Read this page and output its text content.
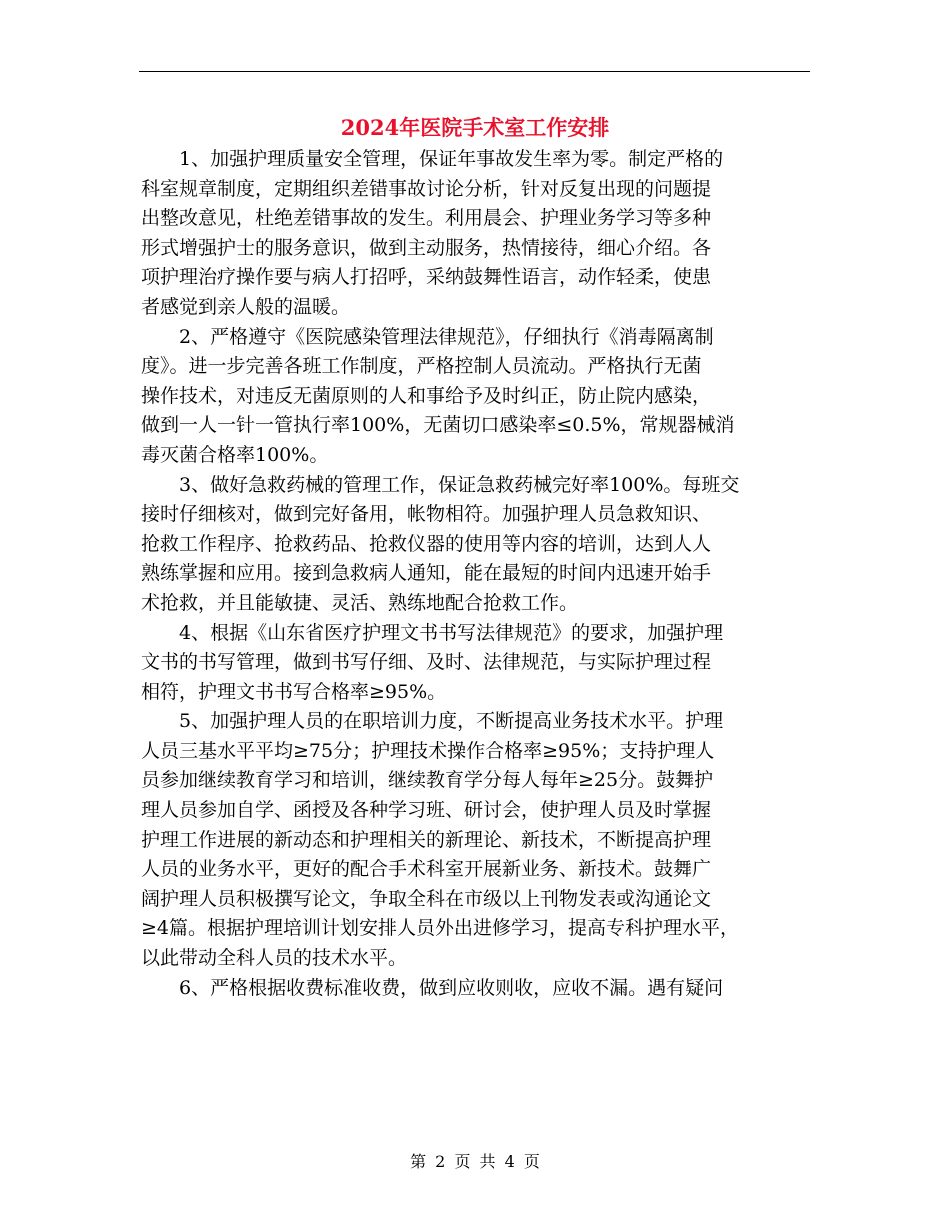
2024年医院手术室工作安排
1、加强护理质量安全管理，保证年事故发生率为零。制定严格的
科室规章制度，定期组织差错事故讨论分析，针对反复出现的问题提
出整改意见，杜绝差错事故的发生。利用晨会、护理业务学习等多种
形式增强护士的服务意识，做到主动服务，热情接待，细心介绍。各
项护理治疗操作要与病人打招呼，采纳鼓舞性语言，动作轻柔，使患
者感觉到亲人般的温暖。
2、严格遵守《医院感染管理法律规范》，仔细执行《消毒隔离制
度》。进一步完善各班工作制度，严格控制人员流动。严格执行无菌
操作技术，对违反无菌原则的人和事给予及时纠正，防止院内感染，
做到一人一针一管执行率100%，无菌切口感染率≤0.5%，常规器械消
毒灭菌合格率100%。
3、做好急救药械的管理工作，保证急救药械完好率100%。每班交
接时仔细核对，做到完好备用，帐物相符。加强护理人员急救知识、
抢救工作程序、抢救药品、抢救仪器的使用等内容的培训，达到人人
熟练掌握和应用。接到急救病人通知，能在最短的时间内迅速开始手
术抢救，并且能敏捷、灵活、熟练地配合抢救工作。
4、根据《山东省医疗护理文书书写法律规范》的要求，加强护理
文书的书写管理，做到书写仔细、及时、法律规范，与实际护理过程
相符，护理文书书写合格率≥95%。
5、加强护理人员的在职培训力度，不断提高业务技术水平。护理
人员三基水平平均≥75分；护理技术操作合格率≥95%；支持护理人
员参加继续教育学习和培训，继续教育学分每人每年≥25分。鼓舞护
理人员参加自学、函授及各种学习班、研讨会，使护理人员及时掌握
护理工作进展的新动态和护理相关的新理论、新技术，不断提高护理
人员的业务水平，更好的配合手术科室开展新业务、新技术。鼓舞广
阔护理人员积极撰写论文，争取全科在市级以上刊物发表或沟通论文
≥4篇。根据护理培训计划安排人员外出进修学习，提高专科护理水平，
以此带动全科人员的技术水平。
6、严格根据收费标准收费，做到应收则收，应收不漏。遇有疑问
第 2 页 共 4 页
